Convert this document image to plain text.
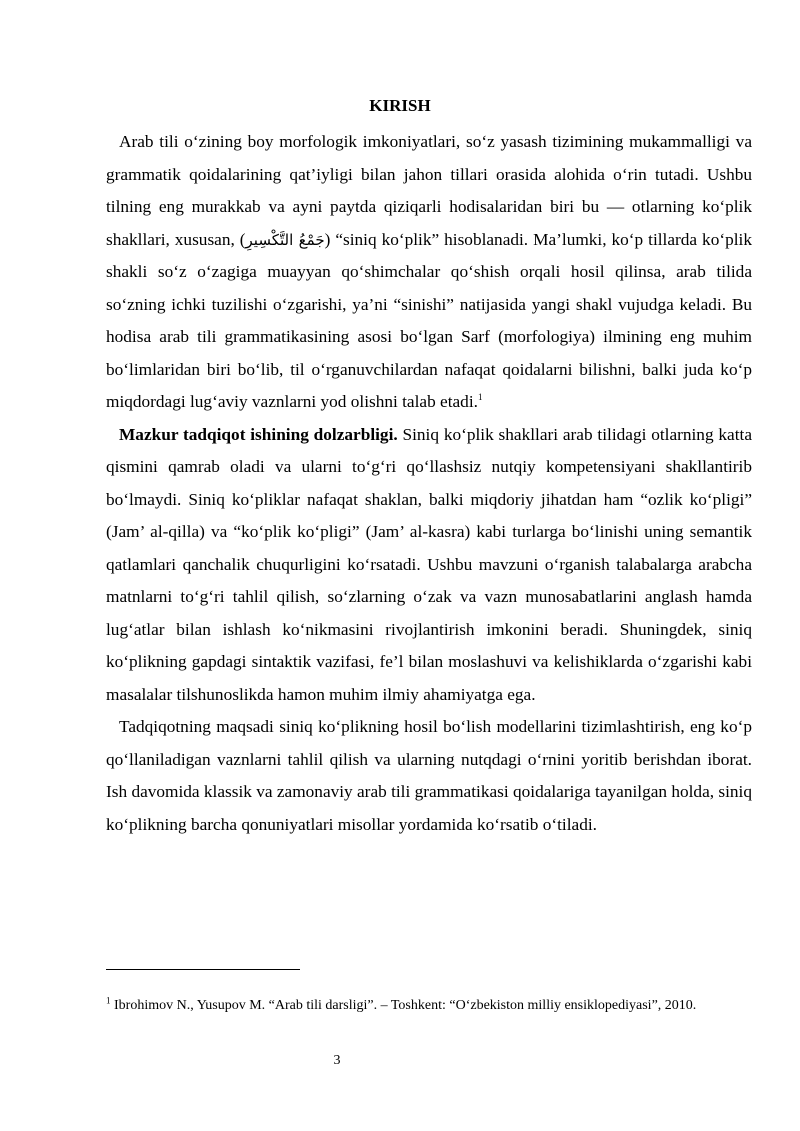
KIRISH

Arab tili o‘zining boy morfologik imkoniyatlari, so‘z yasash tizimining mukammalligi va grammatik qoidalarining qat’iyligi bilan jahon tillari orasida alohida o‘rin tutadi. Ushbu tilning eng murakkab va ayni paytda qiziqarli hodisalaridan biri bu — otlarning ko‘plik shakllari, xususan, (جَمْعُ التَّكْسِيرِ) “siniq ko‘plik” hisoblanadi. Ma’lumki, ko‘p tillarda ko‘plik shakli so‘z o‘zagiga muayyan qo‘shimchalar qo‘shish orqali hosil qilinsa, arab tilida so‘zning ichki tuzilishi o‘zgarishi, ya’ni “sinishi” natijasida yangi shakl vujudga keladi. Bu hodisa arab tili grammatikasining asosi bo‘lgan Sarf (morfologiya) ilmining eng muhim bo‘limlaridan biri bo‘lib, til o‘rganuvchilardan nafaqat qoidalarni bilishni, balki juda ko‘p miqdordagi lug‘aviy vaznlarni yod olishni talab etadi.$^1$

Mazkur tadqiqot ishining dolzarbligi. Siniq ko‘plik shakllari arab tilidagi otlarning katta qismini qamrab oladi va ularni to‘g‘ri qo‘llashsiz nutqiy kompetensiyani shakllantirib bo‘lmaydi. Siniq ko‘pliklar nafaqat shaklan, balki miqdoriy jihatdan ham “ozlik ko‘pligi” (Jam’ al-qilla) va “ko‘plik ko‘pligi” (Jam’ al-kasra) kabi turlarga bo‘linishi uning semantik qatlamlari qanchalik chuqurligini ko‘rsatadi. Ushbu mavzuni o‘rganish talabalarga arabcha matnlarni to‘g‘ri tahlil qilish, so‘zlarning o‘zak va vazn munosabatlarini anglash hamda lug‘atlar bilan ishlash ko‘nikmasini rivojlantirish imkonini beradi. Shuningdek, siniq ko‘plikning gapdagi sintaktik vazifasi, fe’l bilan moslashuvi va kelishiklarda o‘zgarishi kabi masalalar tilshunoslikda hamon muhim ilmiy ahamiyatga ega.

Tadqiqotning maqsadi siniq ko‘plikning hosil bo‘lish modellarini tizimlashtirish, eng ko‘p qo‘llaniladigan vaznlarni tahlil qilish va ularning nutqdagi o‘rnini yoritib berishdan iborat. Ish davomida klassik va zamonaviy arab tili grammatikasi qoidalariga tayanilgan holda, siniq ko‘plikning barcha qonuniyatlari misollar yordamida ko‘rsatib o‘tiladi.

$^1$ Ibrohimov N., Yusupov M. “Arab tili darsligi”. – Toshkent: “O‘zbekiston milliy ensiklopediyasi”, 2010.
3
